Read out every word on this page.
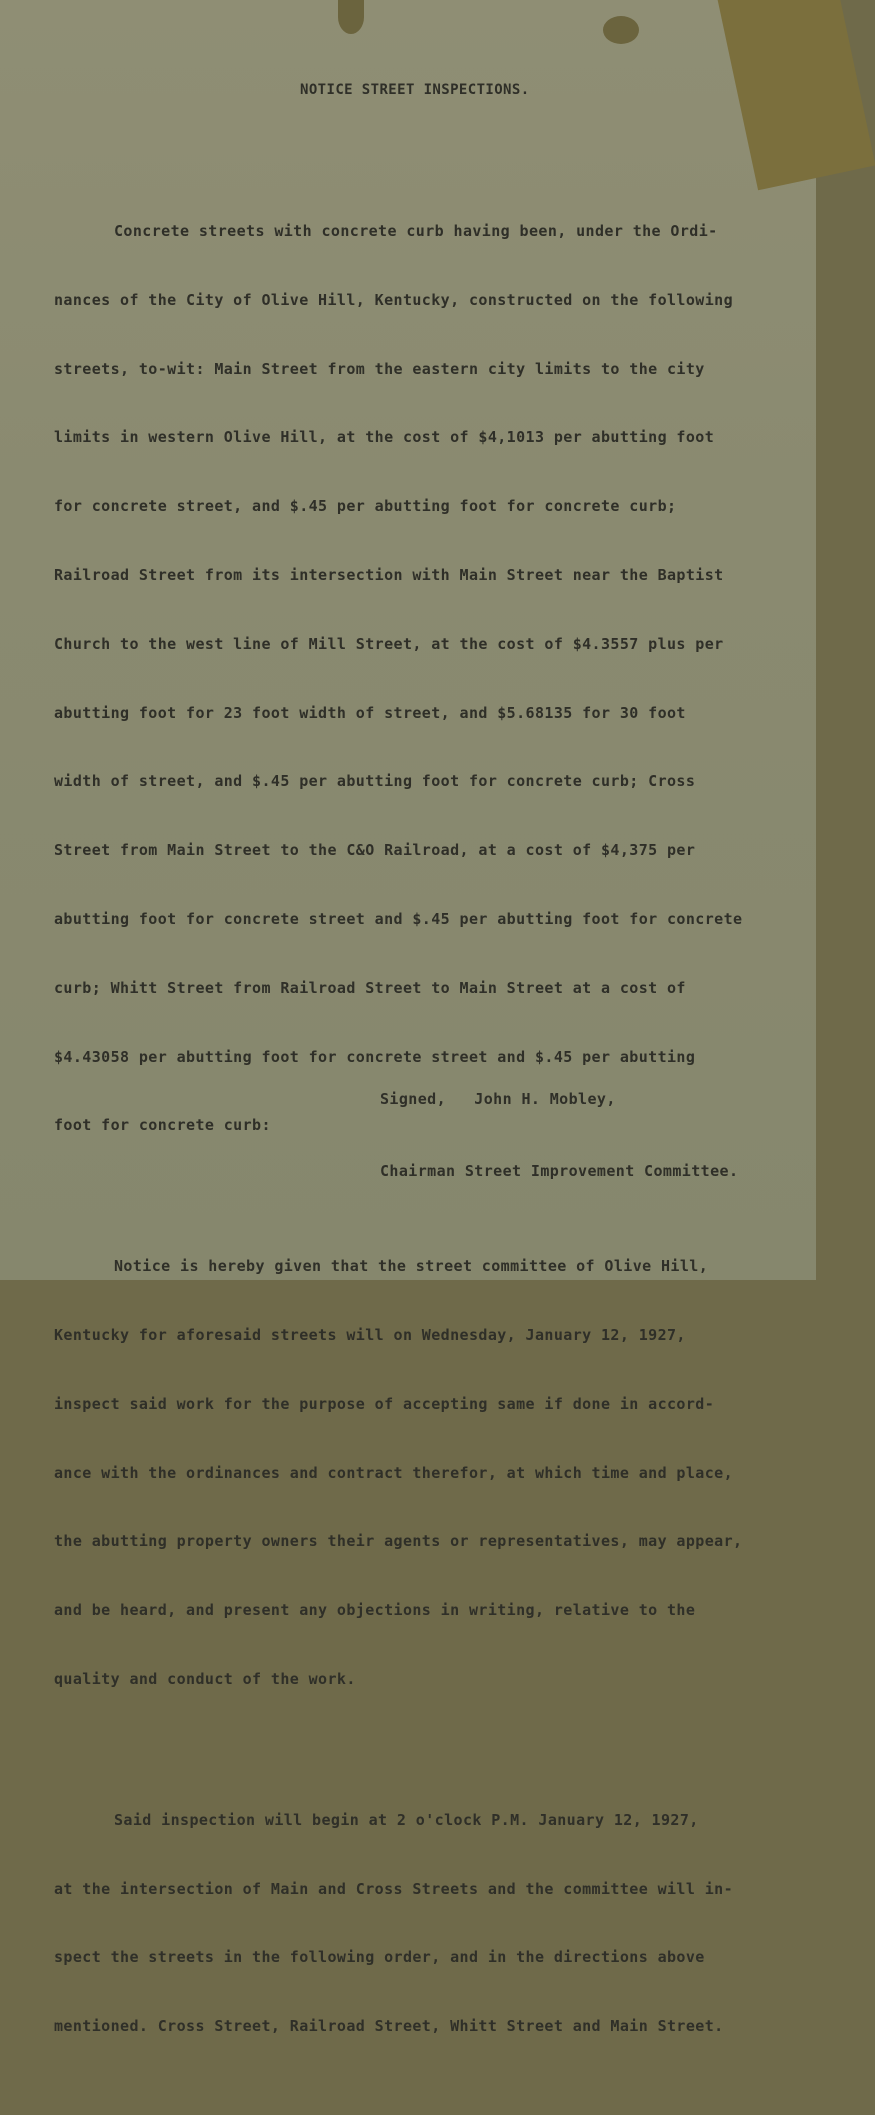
NOTICE STREET INSPECTIONS.

Concrete streets with concrete curb having been, under the Ordi-

nances of the City of Olive Hill, Kentucky, constructed on the following

streets, to-wit: Main Street from the eastern city limits to the city

limits in western Olive Hill, at the cost of $4,1013 per abutting foot

for concrete street, and $.45 per abutting foot for concrete curb;

Railroad Street from its intersection with Main Street near the Baptist

Church to the west line of Mill Street, at the cost of $4.3557 plus per

abutting foot for 23 foot width of street, and $5.68135 for 30 foot

width of street, and $.45 per abutting foot for concrete curb; Cross

Street from Main Street to the C&O Railroad, at a cost of $4,375 per

abutting foot for concrete street and $.45 per abutting foot for concrete

curb; Whitt Street from Railroad Street to Main Street at a cost of

$4.43058 per abutting foot for concrete street and $.45 per abutting

foot for concrete curb:

Notice is hereby given that the street committee of Olive Hill,

Kentucky for aforesaid streets will on Wednesday, January 12, 1927,

inspect said work for the purpose of accepting same if done in accord-

ance with the ordinances and contract therefor, at which time and place,

the abutting property owners their agents or representatives, may appear,

and be heard, and present any objections in writing, relative to the

quality and conduct of the work.

Said inspection will begin at 2 o'clock P.M. January 12, 1927,

at the intersection of Main and Cross Streets and the committee will in-

spect the streets in the following order, and in the directions above

mentioned. Cross Street, Railroad Street, Whitt Street and Main Street.

Signed,   John H. Mobley,

Chairman Street Improvement Committee.
